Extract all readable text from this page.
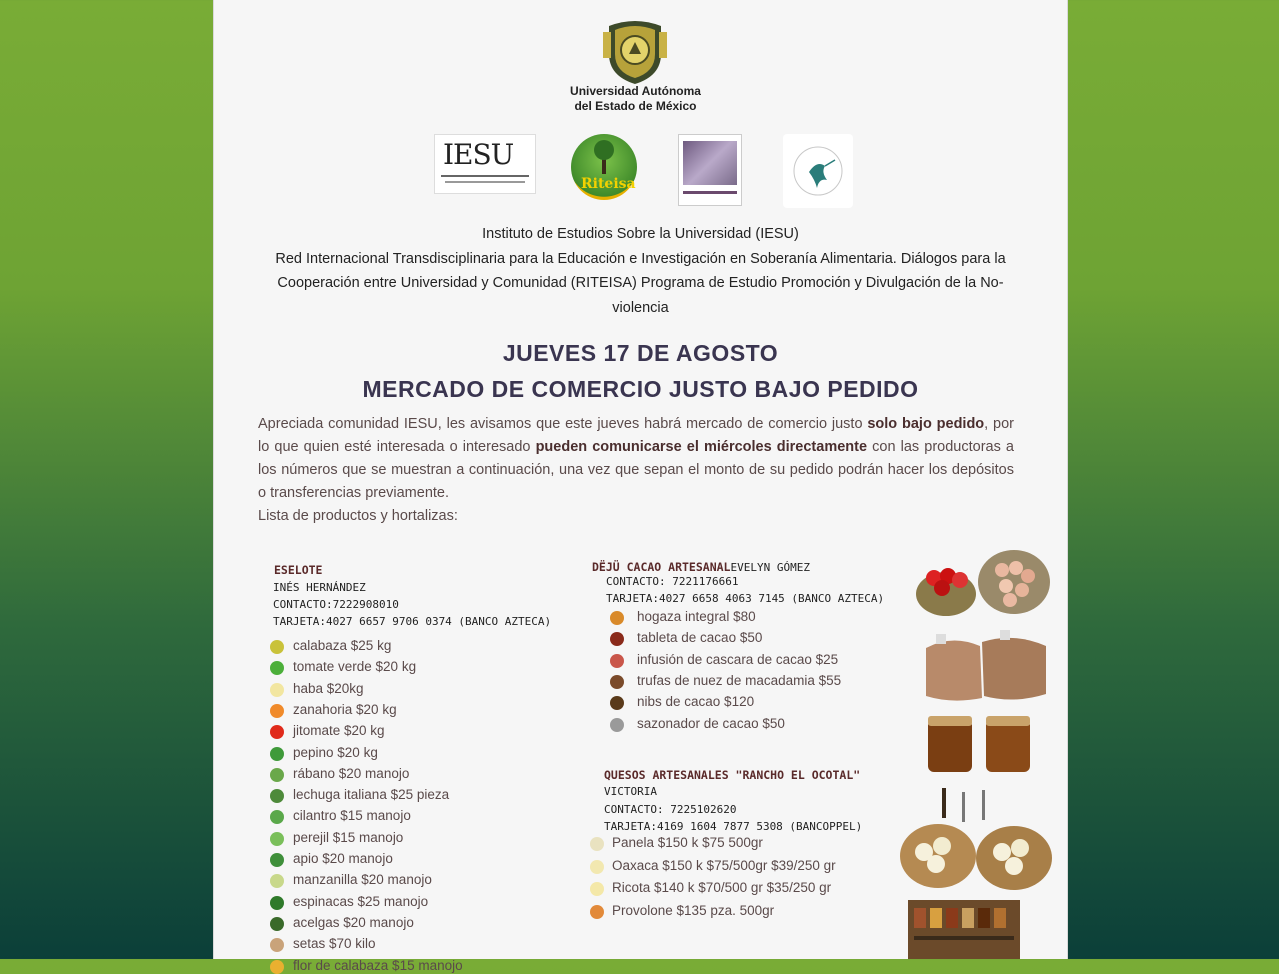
Universidad Autónoma
del Estado de México
IESU
Riteisa
Instituto de Estudios Sobre la Universidad (IESU)
Red Internacional Transdisciplinaria para la Educación e Investigación en Soberanía Alimentaria. Diálogos para la
Cooperación entre Universidad y Comunidad (RITEISA) Programa de Estudio Promoción y Divulgación de la No-
violencia
JUEVES 17 DE AGOSTO
MERCADO DE COMERCIO JUSTO BAJO PEDIDO
Apreciada comunidad IESU, les avisamos que este jueves habrá mercado de comercio justo solo bajo pedido, por lo que quien esté interesada o interesado pueden comunicarse el miércoles directamente con las productoras a los números que se muestran a continuación, una vez que sepan el monto de su pedido podrán hacer los depósitos o transferencias previamente.
Lista de productos y hortalizas:
ESELOTE
INÉS HERNÁNDEZ
CONTACTO:7222908010
TARJETA:4027 6657 9706 0374 (BANCO AZTECA)
calabaza $25 kg
tomate verde $20 kg
haba $20kg
zanahoria $20 kg
jitomate $20 kg
pepino $20 kg
rábano $20 manojo
lechuga italiana $25 pieza
cilantro $15 manojo
perejil $15 manojo
apio $20 manojo
manzanilla $20 manojo
espinacas $25 manojo
acelgas $20 manojo
setas $70 kilo
flor de calabaza $15 manojo
DËJÜ CACAO ARTESANALEVELYN GÓMEZ
CONTACTO: 7221176661
TARJETA:4027 6658 4063 7145 (BANCO AZTECA)
hogaza integral $80
tableta de cacao $50
infusión de cascara de cacao $25
trufas de nuez de macadamia $55
nibs de cacao $120
sazonador de cacao $50
QUESOS ARTESANALES "RANCHO EL OCOTAL"
VICTORIA
CONTACTO: 7225102620
TARJETA:4169 1604 7877 5308 (BANCOPPEL)
Panela $150 k $75 500gr
Oaxaca $150 k $75/500gr $39/250 gr
Ricota $140 k $70/500 gr $35/250 gr
Provolone $135 pza. 500gr
